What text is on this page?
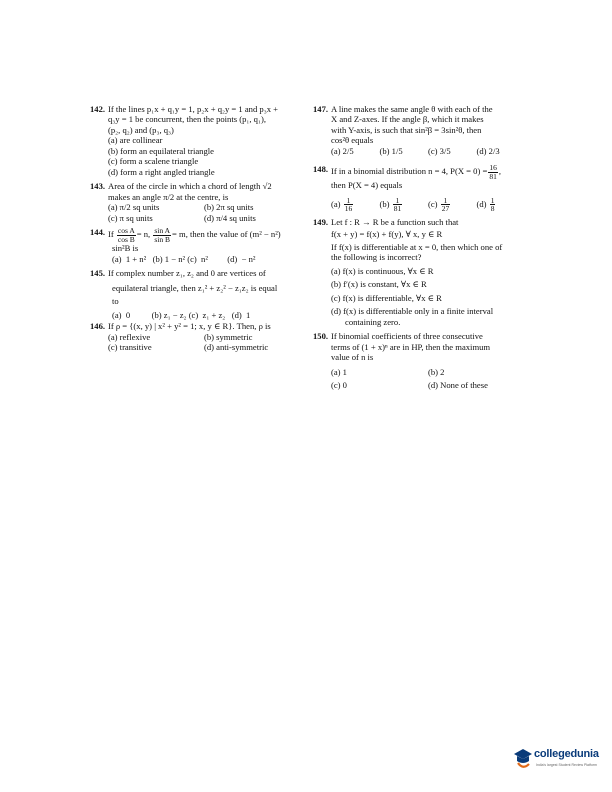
142. If the lines p₁x + q₁y = 1, p₂x + q₂y = 1 and p₃x +
q₃y = 1 be concurrent, then the points (p₁, q₁),
(p₂, q₂) and (p₃, q₃)
(a) are collinear
(b) form an equilateral triangle
(c) form a scalene triangle
(d) form a right angled triangle
143. Area of the circle in which a chord of length √2
makes an angle π/2 at the centre, is
(a) π/2 sq units	(b) 2π sq units
(c) π sq units	(d) π/4 sq units
144. If $\frac{\text{cos A}}{\text{cos B}} = n$, $\frac{\text{sin A}}{\text{sin B}} = m$, then the value of (m² − n²)
sin²B is
(a)  1 + n²   (b) 1 − n² (c)  n²         (d)  − n²
145. If complex number z₁, z₂ and 0 are vertices of
equilateral triangle, then z₁² + z₂² − z₁z₂ is equal
to
(a)  0          (b) z₁ − z₂ (c)  z₁ + z₂   (d)  1
146. If ρ = {(x, y) | x² + y² = 1; x, y ∈ R}. Then, ρ is
(a) reflexive	(b) symmetric
(c) transitive	(d) anti-symmetric
147. A line makes the same angle θ with each of the
X and Z-axes. If the angle β, which it makes
with Y-axis, is such that sin²β = 3sin²θ, then
cos²θ equals
(a) 2/5	(b) 1/5	(c) 3/5	(d) 2/3
148. If in a binomial distribution n = 4, $P(X = 0) = \frac{16}{81}$ ,
then P(X = 4) equals
$(a) \frac{1}{16}$	$(b) \frac{1}{81}$	$(c) \frac{1}{27}$	$(d) \frac{1}{8}$
149. Let f : R → R be a function such that
f(x + y) = f(x) + f(y), ∀ x, y ∈ R
If f(x) is differentiable at x = 0, then which one of
the following is incorrect?
(a) f(x) is continuous, ∀x ∈ R
(b) f′(x) is constant, ∀x ∈ R
(c) f(x) is differentiable, ∀x ∈ R
(d) f(x) is differentiable only in a finite interval
containing zero.
150. If binomial coefficients of three consecutive
terms of (1 + x)ⁿ are in HP, then the maximum
value of n is
(a) 1	(b) 2
(c) 0	(d) None of these
collegedunia
India's largest Student Review Platform
